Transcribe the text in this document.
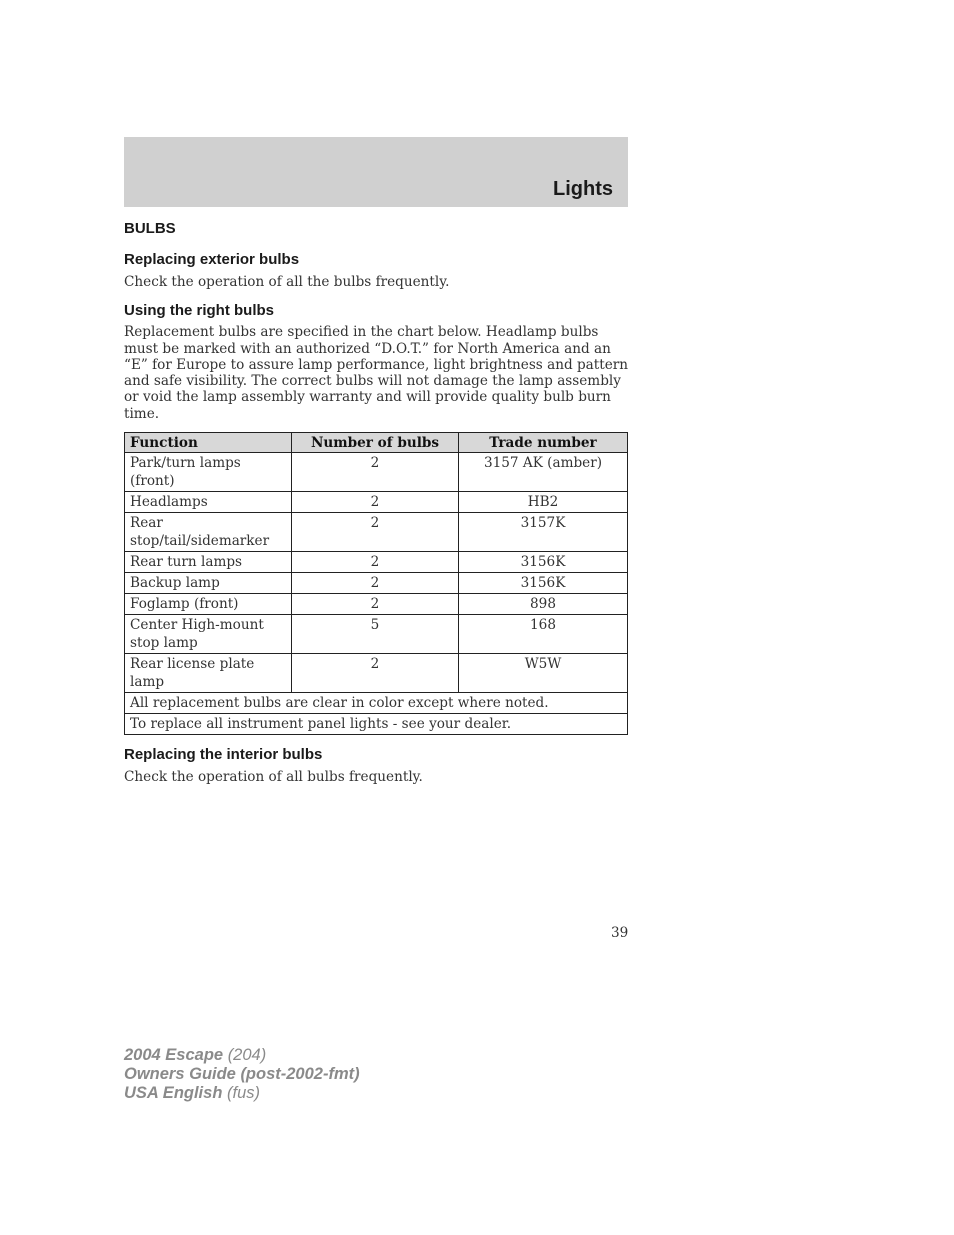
Lights
BULBS
Replacing exterior bulbs

Check the operation of all the bulbs frequently.

Using the right bulbs

Replacement bulbs are specified in the chart below. Headlamp bulbs must be marked with an authorized “D.O.T.” for North America and an “E” for Europe to assure lamp performance, light brightness and pattern and safe visibility. The correct bulbs will not damage the lamp assembly or void the lamp assembly warranty and will provide quality bulb burn time.

Function	Number of bulbs	Trade number
Park/turn lamps (front)	2	3157 AK (amber)
Headlamps	2	HB2
Rear stop/tail/sidemarker	2	3157K
Rear turn lamps	2	3156K
Backup lamp	2	3156K
Foglamp (front)	2	898
Center High-mount stop lamp	5	168
Rear license plate lamp	2	W5W
All replacement bulbs are clear in color except where noted.		
To replace all instrument panel lights - see your dealer.		
Replacing the interior bulbs

Check the operation of all bulbs frequently.

39
2004 Escape (204)
Owners Guide (post-2002-fmt)
USA English (fus)
